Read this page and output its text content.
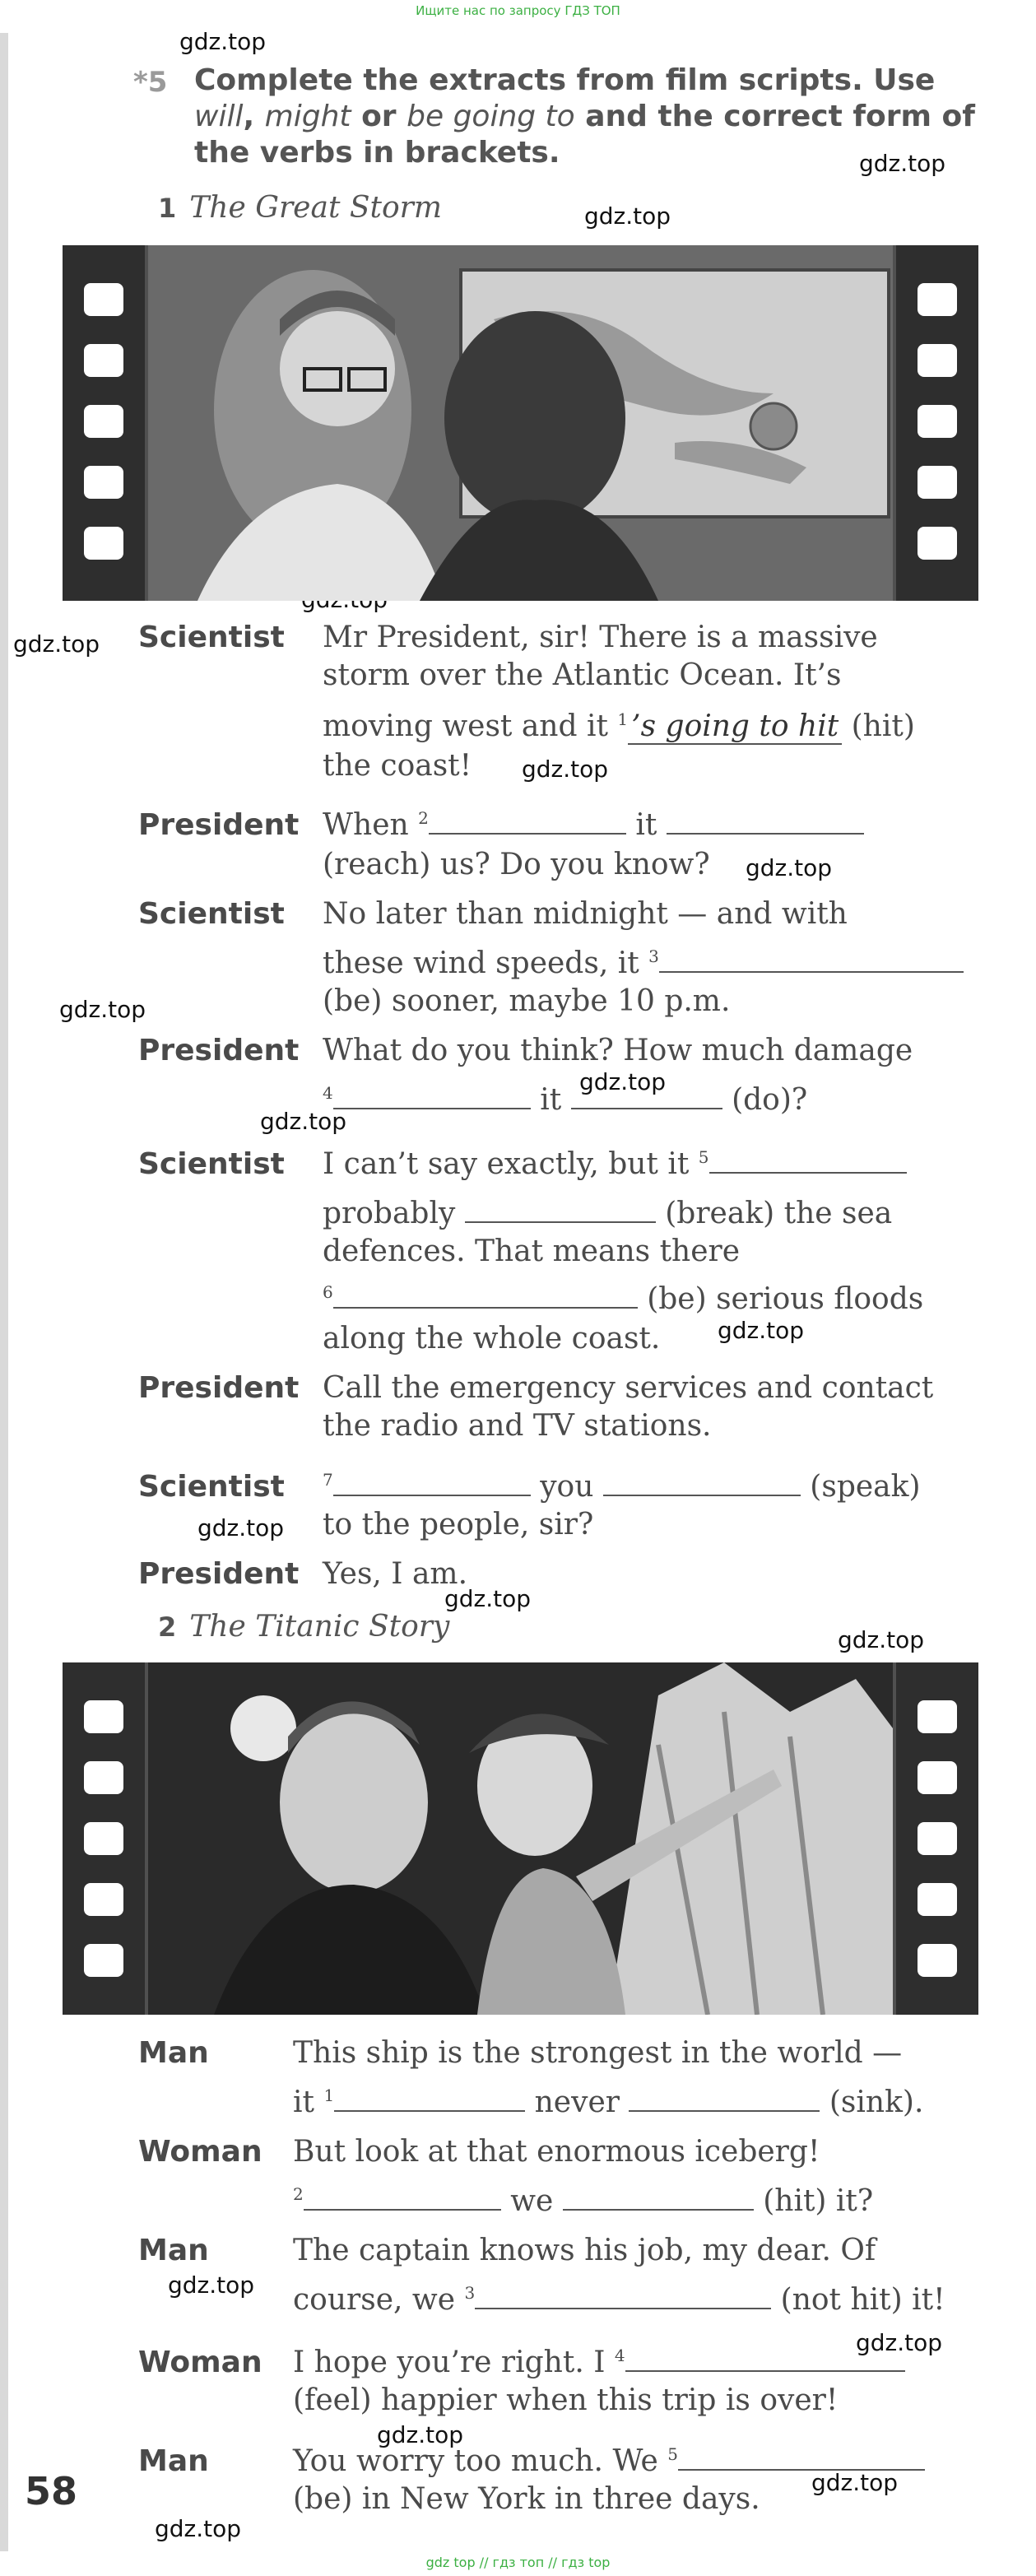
Ищите нас по запросу ГДЗ ТОП
gdz.top
gdz.top
gdz.top
gdz.top
gdz.top
gdz.top
gdz.top
gdz.top
gdz.top
gdz.top
gdz.top
gdz.top
gdz.top
gdz.top
gdz.top
gdz.top
gdz.top
gdz.top
*5 Complete the extracts from film scripts. Use will, might or be going to and the correct form of the verbs in brackets.
1 The Great Storm
Scientist Mr President, sir! There is a massive
storm over the Atlantic Ocean. It’s
moving west and it $^1$ ’s going to hit (hit)
the coast!
President When $^2$	it
(reach) us? Do you know?
Scientist No later than midnight — and with
these wind speeds, it $^3$
(be) sooner, maybe 10 p.m.
President What do you think? How much damage
$^4$	it	(do)?
Scientist I can’t say exactly, but it $^5$
probably	(break) the sea
defences. That means there
$^6$	(be) serious floods
along the whole coast.
President Call the emergency services and contact
the radio and TV stations.
Scientist $^7$	you	(speak)
to the people, sir?
President Yes, I am.
2 The Titanic Story
Man	This ship is the strongest in the world —
it $^1$	never	(sink).
Woman But look at that enormous iceberg!
$^2$	we	(hit) it?
Man	The captain knows his job, my dear. Of
course, we $^3$	(not hit) it!
Woman I hope you’re right. I $^4$
(feel) happier when this trip is over!
Man	You worry too much. We $^5$
(be) in New York in three days.
58
gdz top // гдз топ // гдз top
